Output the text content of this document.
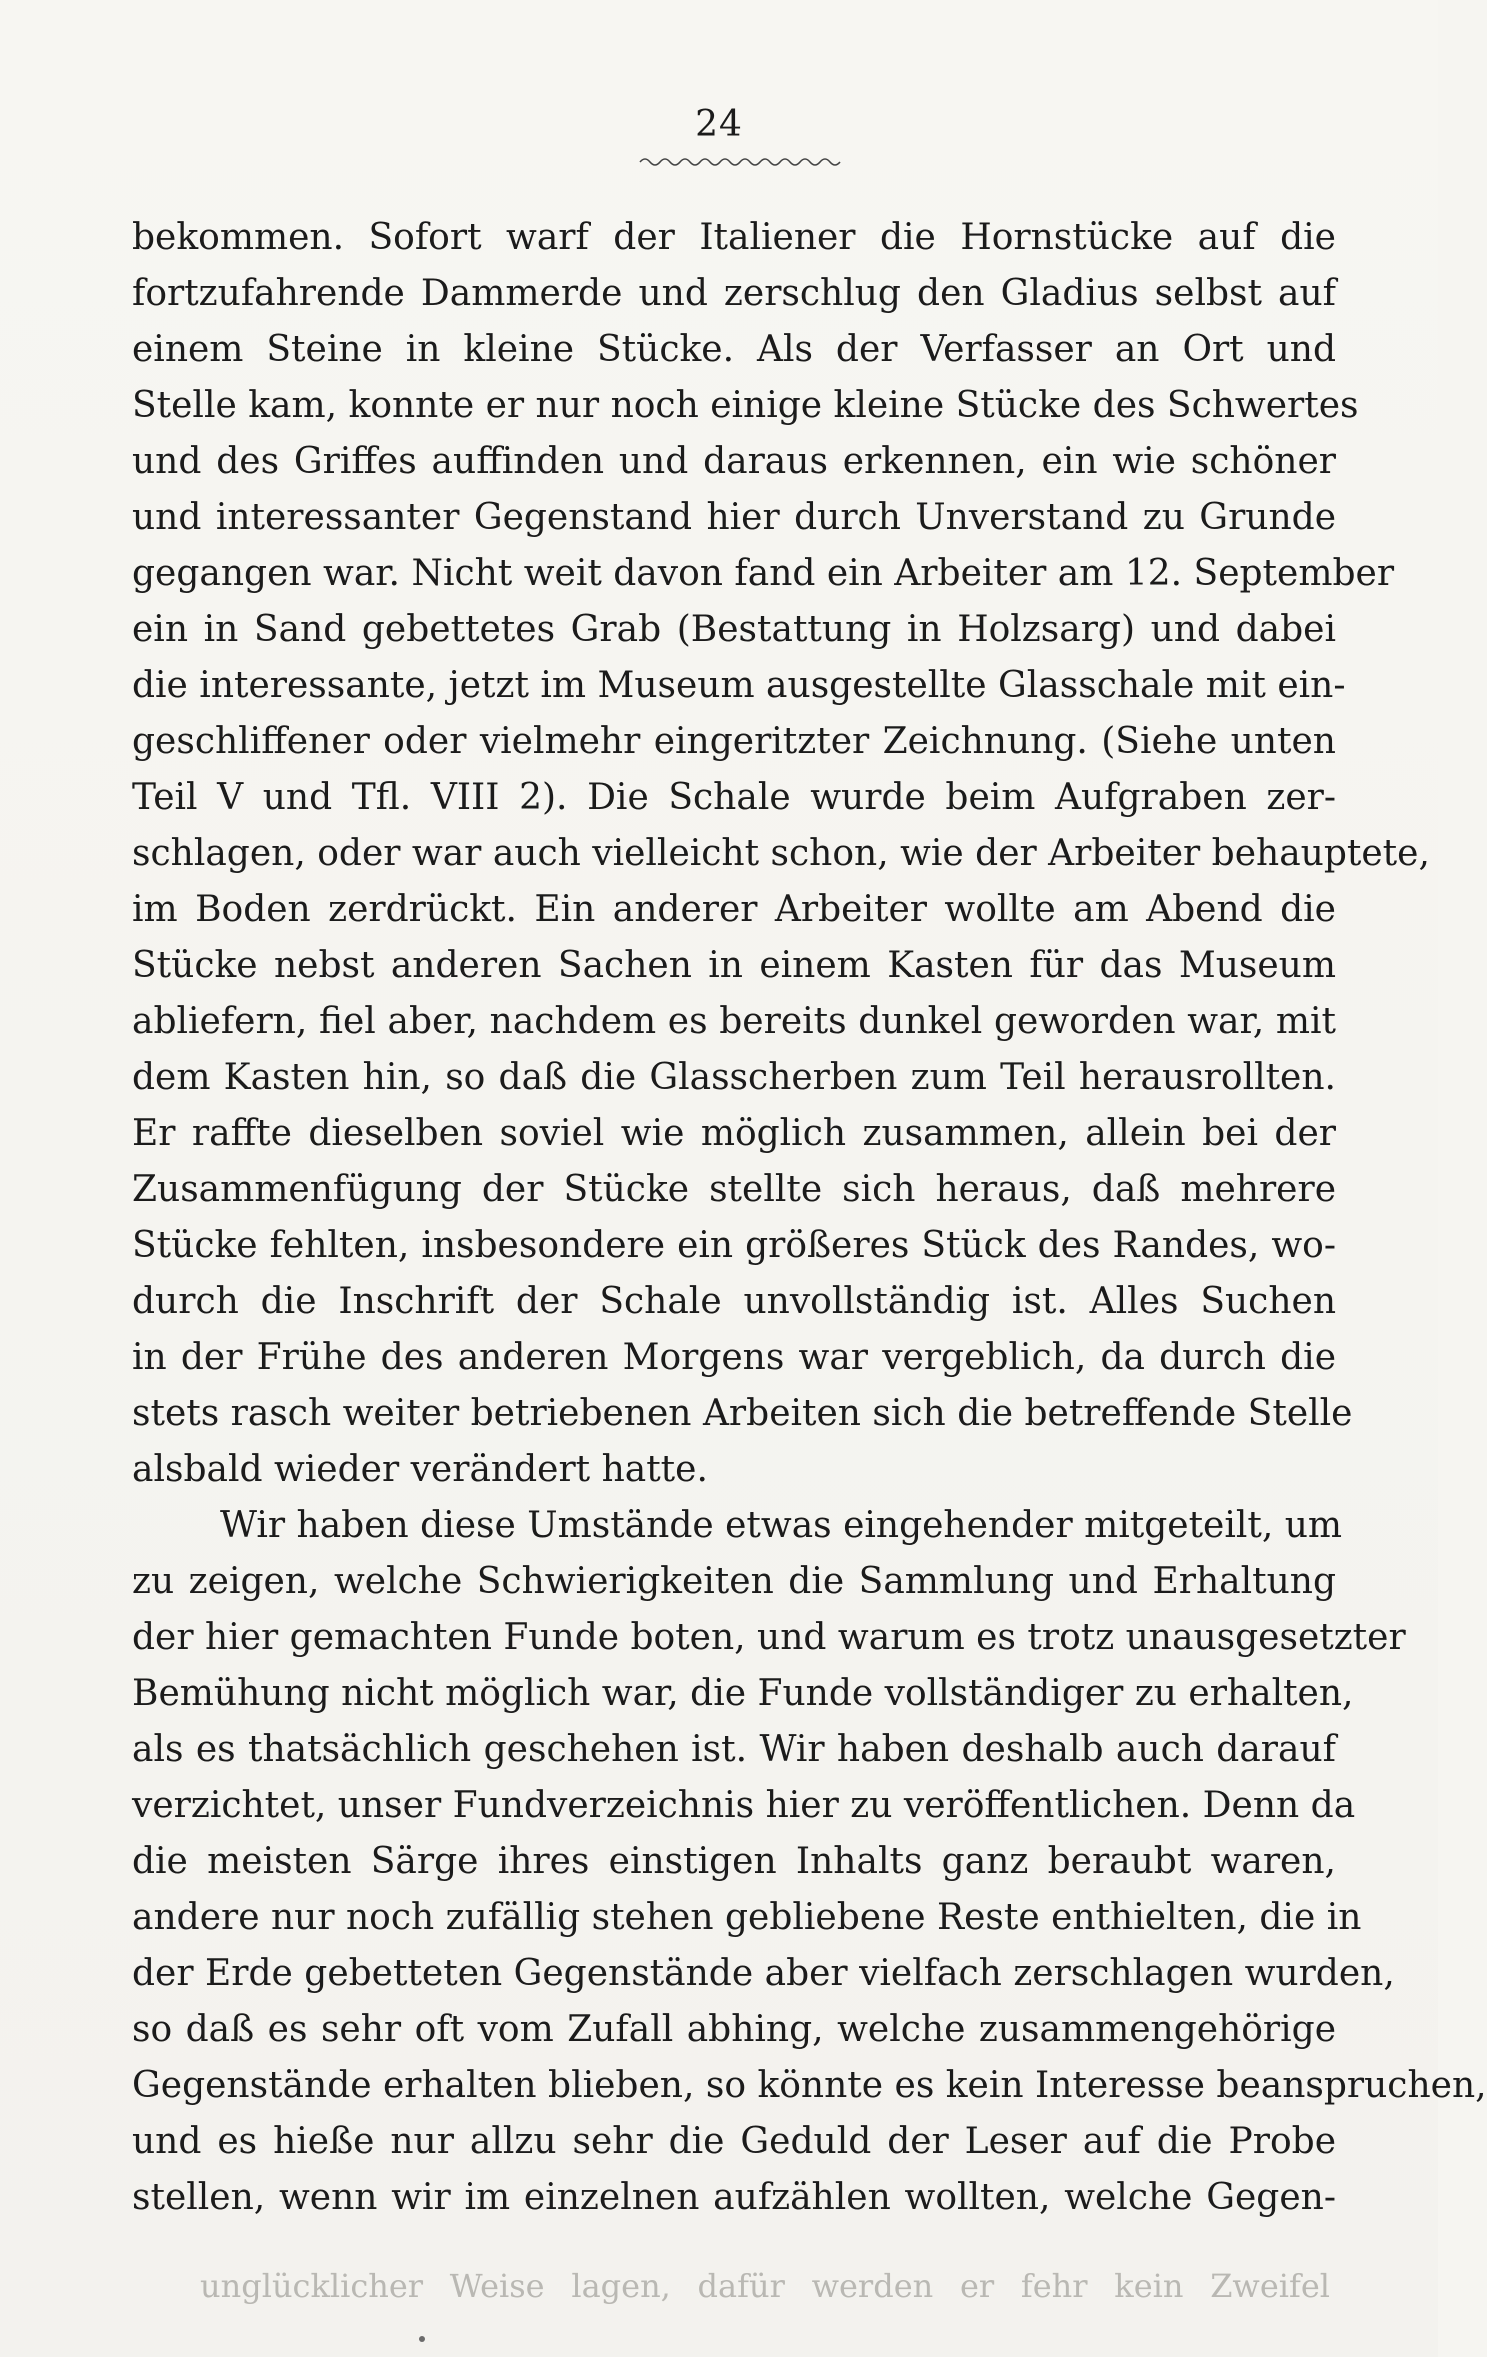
24
bekommen. Sofort warf der Italiener die Hornstücke auf die
fortzufahrende Dammerde und zerschlug den Gladius selbst auf
einem Steine in kleine Stücke. Als der Verfasser an Ort und
Stelle kam, konnte er nur noch einige kleine Stücke des Schwertes
und des Griffes auffinden und daraus erkennen, ein wie schöner
und interessanter Gegenstand hier durch Unverstand zu Grunde
gegangen war. Nicht weit davon fand ein Arbeiter am 12. September
ein in Sand gebettetes Grab (Bestattung in Holzsarg) und dabei
die interessante, jetzt im Museum ausgestellte Glasschale mit ein-
geschliffener oder vielmehr eingeritzter Zeichnung. (Siehe unten
Teil V und Tfl. VIII 2). Die Schale wurde beim Aufgraben zer-
schlagen, oder war auch vielleicht schon, wie der Arbeiter behauptete,
im Boden zerdrückt. Ein anderer Arbeiter wollte am Abend die
Stücke nebst anderen Sachen in einem Kasten für das Museum
abliefern, fiel aber, nachdem es bereits dunkel geworden war, mit
dem Kasten hin, so daß die Glasscherben zum Teil herausrollten.
Er raffte dieselben soviel wie möglich zusammen, allein bei der
Zusammenfügung der Stücke stellte sich heraus, daß mehrere
Stücke fehlten, insbesondere ein größeres Stück des Randes, wo-
durch die Inschrift der Schale unvollständig ist. Alles Suchen
in der Frühe des anderen Morgens war vergeblich, da durch die
stets rasch weiter betriebenen Arbeiten sich die betreffende Stelle
alsbald wieder verändert hatte.
Wir haben diese Umstände etwas eingehender mitgeteilt, um
zu zeigen, welche Schwierigkeiten die Sammlung und Erhaltung
der hier gemachten Funde boten, und warum es trotz unausgesetzter
Bemühung nicht möglich war, die Funde vollständiger zu erhalten,
als es thatsächlich geschehen ist. Wir haben deshalb auch darauf
verzichtet, unser Fundverzeichnis hier zu veröffentlichen. Denn da
die meisten Särge ihres einstigen Inhalts ganz beraubt waren,
andere nur noch zufällig stehen gebliebene Reste enthielten, die in
der Erde gebetteten Gegenstände aber vielfach zerschlagen wurden,
so daß es sehr oft vom Zufall abhing, welche zusammengehörige
Gegenstände erhalten blieben, so könnte es kein Interesse beanspruchen,
und es hieße nur allzu sehr die Geduld der Leser auf die Probe
stellen, wenn wir im einzelnen aufzählen wollten, welche Gegen-
unglücklicher Weise lagen, dafür werden er fehr kein Zweifel
